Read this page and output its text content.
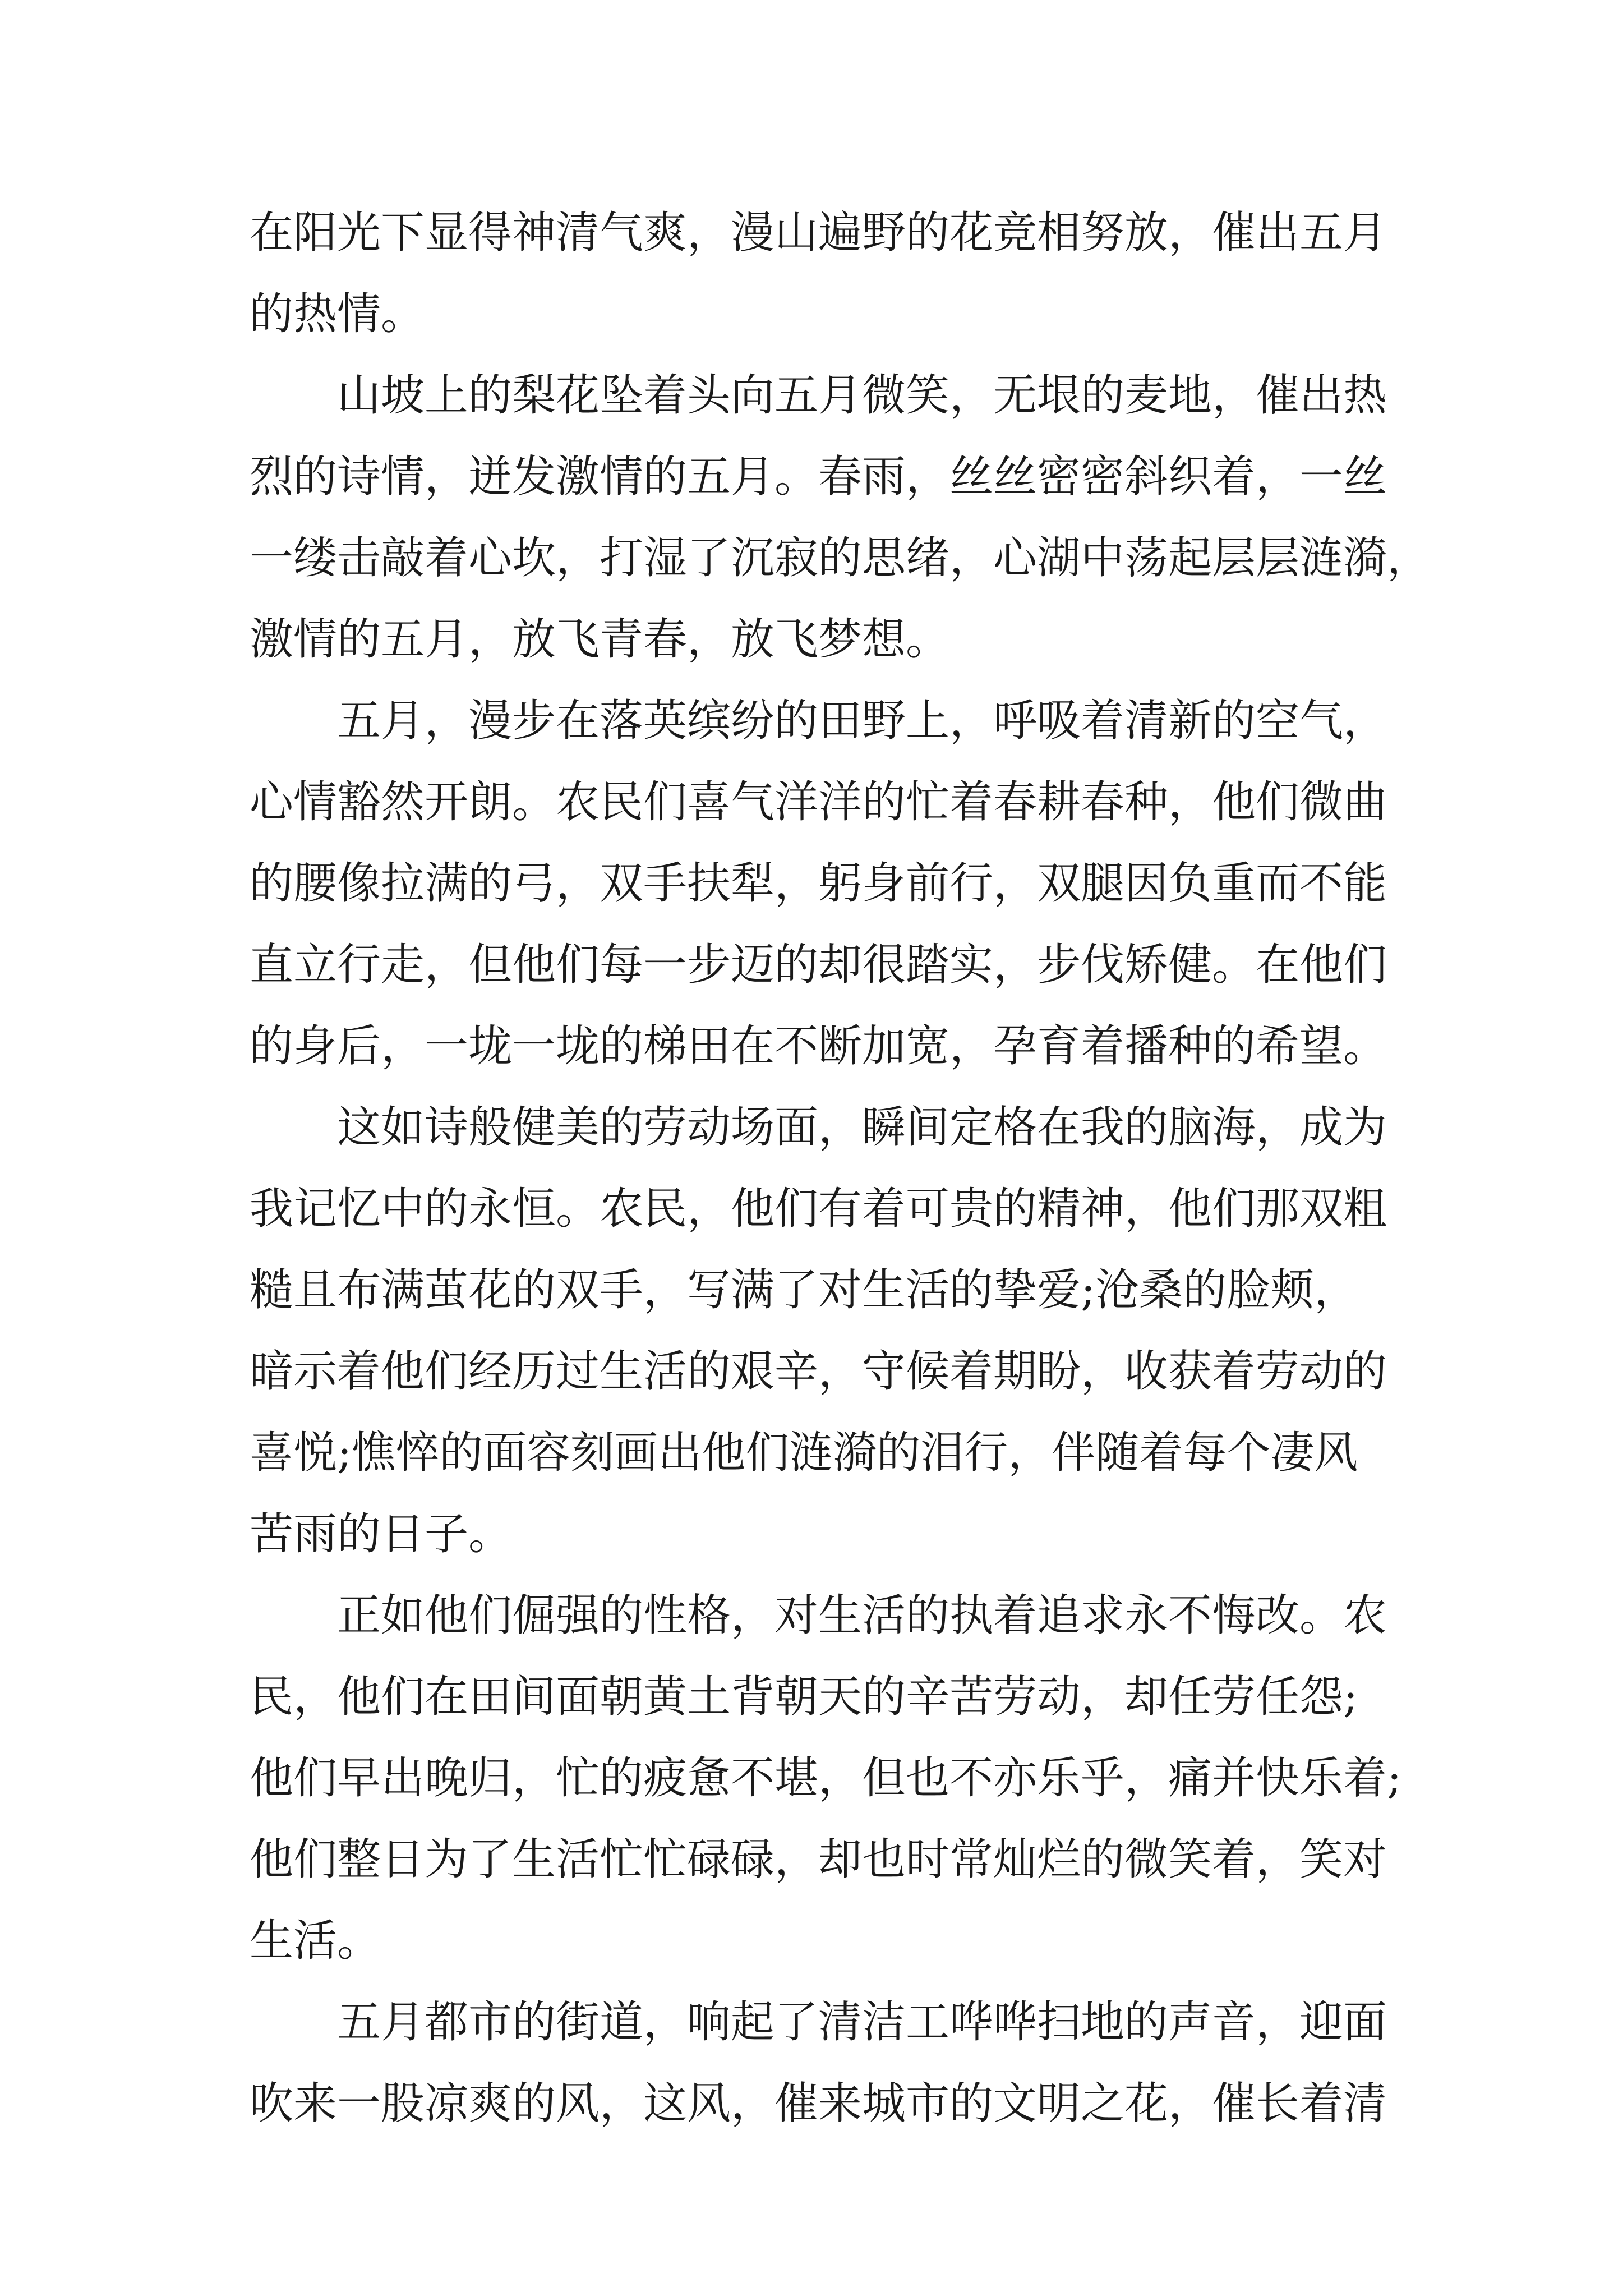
在阳光下显得神清气爽，漫山遍野的花竞相努放，催出五月
的热情。
　　山坡上的梨花坠着头向五月微笑，无垠的麦地，催出热
烈的诗情，迸发激情的五月。春雨，丝丝密密斜织着，一丝
一缕击敲着心坎，打湿了沉寂的思绪，心湖中荡起层层涟漪，
激情的五月，放飞青春，放飞梦想。
　　五月，漫步在落英缤纷的田野上，呼吸着清新的空气，
心情豁然开朗。农民们喜气洋洋的忙着春耕春种，他们微曲
的腰像拉满的弓，双手扶犁，躬身前行，双腿因负重而不能
直立行走，但他们每一步迈的却很踏实，步伐矫健。在他们
的身后，一垅一垅的梯田在不断加宽，孕育着播种的希望。
　　这如诗般健美的劳动场面，瞬间定格在我的脑海，成为
我记忆中的永恒。农民，他们有着可贵的精神，他们那双粗
糙且布满茧花的双手，写满了对生活的挚爱;沧桑的脸颊，
暗示着他们经历过生活的艰辛，守候着期盼，收获着劳动的
喜悦;憔悴的面容刻画出他们涟漪的泪行，伴随着每个凄风
苦雨的日子。
　　正如他们倔强的性格，对生活的执着追求永不悔改。农
民，他们在田间面朝黄土背朝天的辛苦劳动，却任劳任怨;
他们早出晚归，忙的疲惫不堪，但也不亦乐乎，痛并快乐着;
他们整日为了生活忙忙碌碌，却也时常灿烂的微笑着，笑对
生活。
　　五月都市的街道，响起了清洁工哗哗扫地的声音，迎面
吹来一股凉爽的风，这风，催来城市的文明之花，催长着清
